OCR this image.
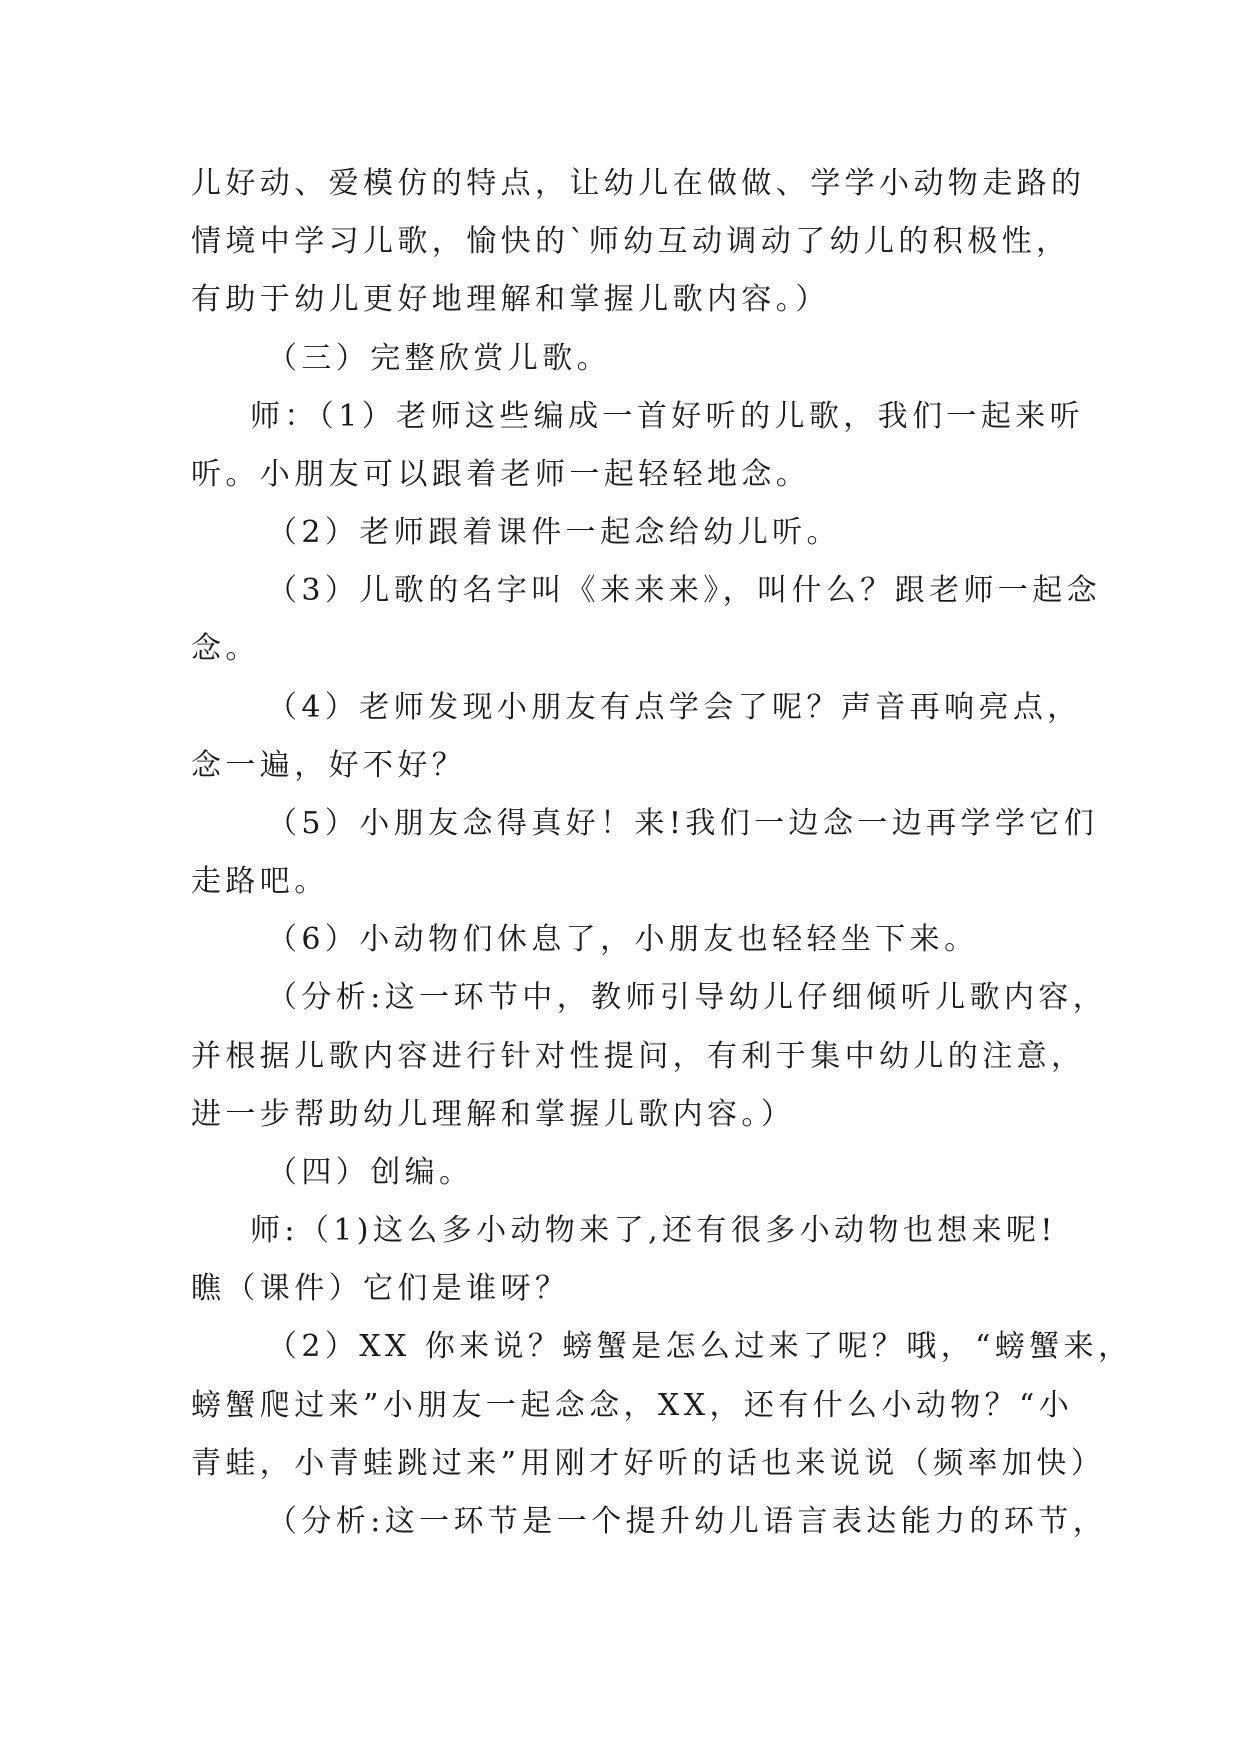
儿好动、爱模仿的特点，让幼儿在做做、学学小动物走路的
情境中学习儿歌，愉快的`师幼互动调动了幼儿的积极性，
有助于幼儿更好地理解和掌握儿歌内容。）
（三）完整欣赏儿歌。
师：（1）老师这些编成一首好听的儿歌，我们一起来听
听。小朋友可以跟着老师一起轻轻地念。
（2）老师跟着课件一起念给幼儿听。
（3）儿歌的名字叫《来来来》，叫什么？跟老师一起念
念。
（4）老师发现小朋友有点学会了呢？声音再响亮点，
念一遍，好不好？
（5）小朋友念得真好！来!我们一边念一边再学学它们
走路吧。
（6）小动物们休息了，小朋友也轻轻坐下来。
（分析:这一环节中，教师引导幼儿仔细倾听儿歌内容，
并根据儿歌内容进行针对性提问，有利于集中幼儿的注意，
进一步帮助幼儿理解和掌握儿歌内容。）
（四）创编。
师:（1)这么多小动物来了,还有很多小动物也想来呢!
瞧（课件）它们是谁呀？
（2）XX 你来说？螃蟹是怎么过来了呢？哦，“螃蟹来，
螃蟹爬过来”小朋友一起念念，XX，还有什么小动物？“小
青蛙，小青蛙跳过来”用刚才好听的话也来说说（频率加快）
（分析:这一环节是一个提升幼儿语言表达能力的环节，
